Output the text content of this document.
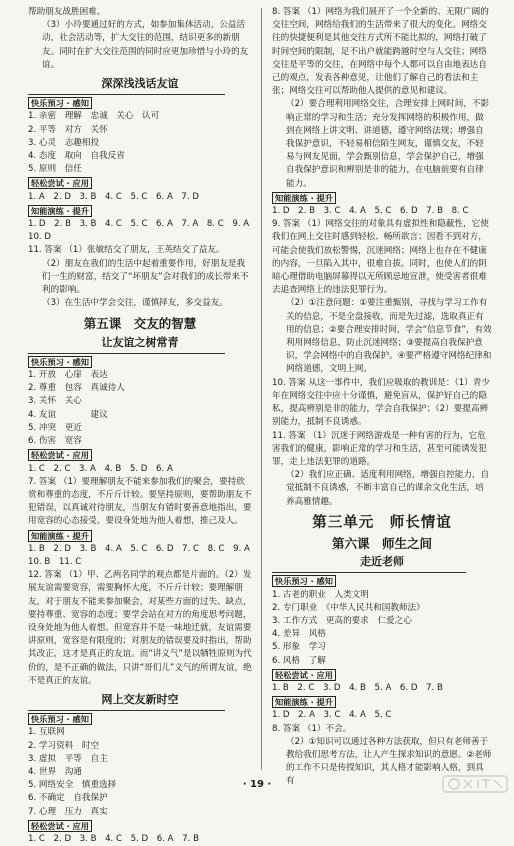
帮助朋友战胜困难。

（3）小玲要通过好的方式，如参加集体活动，公益活动，社会活动等，扩大交往的范围，结识更多的新朋友。同时在扩大交往范围的同时应更加珍惜与小玲的友谊。

深深浅浅话友谊
快乐预习 · 感知

1. 亲密　理解　忠诚　关心　认可

2. 平等　对方　关怀

3. 心灵　志趣相投

4. 态度　取向　自我反省

5. 原则　信任

轻松尝试 · 应用

1. A　2. D　3. B　4. C　5. C　6. A　7. D

知能演练 · 提升

1. D　2. B　3. B　4. C　5. C　6. A　7. A　8. C　9. A

10. D

11. 答案 （1）张敏结交了朋友，王英结交了益友。

（2）朋友在我们的生活中起着重要作用，好朋友是我们一生的财富，结交了“坏朋友”会对我们的成长带来不利的影响。

（3）在生活中学会交往，谨慎择友，多交益友。

第五课　交友的智慧
让友谊之树常青
快乐预习 · 感知

1. 开放　心扉　表达

2. 尊重　包容　真诚待人

3. 关怀　关心

4. 友谊　　　　建议

5. 冲突　更近

6. 伤害　宽容

轻松尝试 · 应用

1. C　2. C　3. A　4. B　5. D　6. A

7. 答案 （1）要理解朋友不能来参加我们的聚会，要持欣赏和尊重的态度，不斤斤计较。要坚持原则，要帮助朋友不犯错误，以真诚对待朋友，当朋友有错时要善意地指出，要用宽容的心态接受。要设身处地为他人着想，推己及人。

知能演练 · 提升

1. B　2. D　3. B　4. A　5. C　6. D　7. C　8. C　9. A

10. B　11. C

12. 答案 （1）甲、乙两名同学的观点都是片面的。（2）发展友谊需要宽容，需要胸怀大度，不斤斤计较；要理解朋友，对于朋友不能来参加聚会，对某些方面的过失、缺点，要持尊重、宽容的态度；要学会站在对方的角度思考问题，设身处地为他人着想。但宽容并不是一味地迁就，友谊需要讲原则，宽容是有限度的；对朋友的错误要及时指出，帮助其改正，这才是真正的友谊。而“讲义气”是以牺牲原则为代价的，是不正确的做法，只讲“哥们儿”义气的所谓友谊，绝不是真正的友谊。

网上交友新时空
快乐预习 · 感知

1. 互联网

2. 学习资料　时空

3. 虚拟　平等　自主

4. 世界　沟通

5. 网络安全　慎重选择

6. 不确定　自我保护

7. 心理　压力　真实

轻松尝试 · 应用

1. C　2. D　3. B　4. C　5. D　6. A　7. B

8. 答案 （1）网络为我们展开了一个全新的、无限广阔的交往空间，网络给我们的生活带来了很大的变化。网络交往的快捷便利是其他交往方式所不能比拟的，网络打破了时间空间的限制，足不出户就能跨越时空与人交往；网络交往是平等的交往，在网络中每个人都可以自由地表达自己的观点，发表各种意见，让他们了解自己的看法和主张；网络交往可以帮助他人提供的意见和建议。

（2）要合理利用网络交往，合理安排上网时间，不影响正常的学习和生活；充分发挥网络的积极作用，做到在网络上讲文明、讲道德，遵守网络法规；增强自我保护意识，不轻易相信陌生网友，谨慎交友，不轻易与网友见面，学会甄别信息，学会保护自己，增强自我保护意识和辨别是非的能力，在电脑前要有自律能力。

知能演练 · 提升

1. D　2. B　3. C　4. A　5. C　6. D　7. B　8. C

9. 答案 （1）网络交往的对象具有虚拟性和隐蔽性，它使我们在网上交往时感到轻松、畅所欲言；因看不到对方，可能会使我们放松警惕，沉迷网络；网络上也存在不健康的内容，一旦陷入其中，很难自拔。同时，也使人们的阴暗心理借助电脑屏幕得以无所顾忌地宣泄，使受害者很难去追查网络上的违法犯罪行为。

（2）①注意问题：①要注重甄别，寻找与学习工作有关的信息，不是全盘接收，而是先过滤，选取真正有用的信息；②要合理安排时间，学会“信息节食”，有效利用网络信息，防止沉迷网络；③要提高自我保护意识，学会网络中的自我保护。④要严格遵守网络纪律和网络道德，文明上网。

10. 答案 从这一事件中，我们应吸取的教训是：（1）青少年在网络交往中应十分谨慎，避免盲从，保护好自己的隐私，提高辨别是非的能力，学会自我保护；（2）要提高辨别能力，抵制不良诱惑。

11. 答案 （1）沉迷于网络游戏是一种有害的行为，它危害我们的健康，影响正常的学习和生活，甚至可能诱发犯罪，走上违法犯罪的道路。

（2）我们应正确、适度利用网络，增强自控能力，自觉抵制不良诱惑，不断丰富自己的课余文化生活，培养高雅情趣。

第三单元　师长情谊
第六课　师生之间
走近老师
快乐预习 · 感知

1. 古老的职业　人类文明

2. 专门职业　《中华人民共和国教师法》

3. 工作方式　更高的要求　仁爱之心

4. 差异　风格

5. 形象　学习

6. 风格　了解

轻松尝试 · 应用

1. B　2. C　3. D　4. B　5. A　6. D　7. B

知能演练 · 提升

1. D　2. A　3. C　4. A　5. C

8. 答案 （1）不会。

（2）①知识可以通过各种方法获取，但只有老师善于教给我们思考方法，让人产生探求知识的意愿。②老师的工作不只是传授知识，其人格才能影响人格，到具有

· 19 ·
